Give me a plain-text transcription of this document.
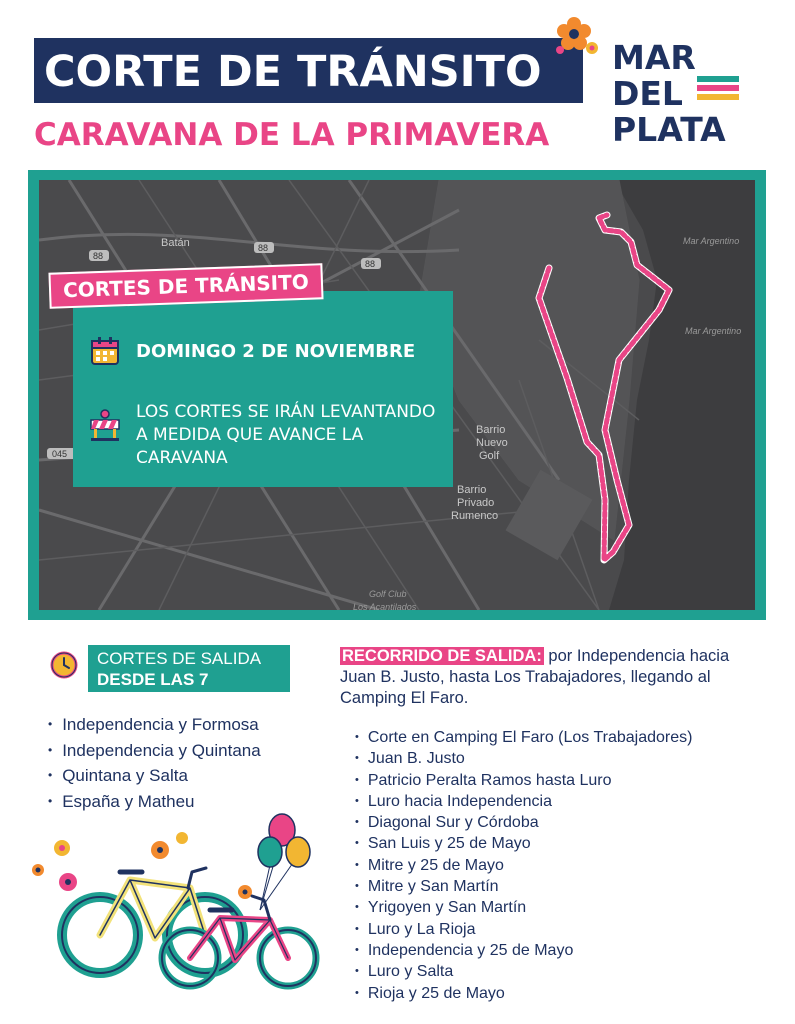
CORTE DE TRÁNSITO
CARAVANA DE LA PRIMAVERA
MAR
DEL
PLATA
88
88
88
045
Batán	Mar Argentino
Mar Argentino
Barrio
Nuevo
Golf
Barrio
Privado
Rumenco
Golf Club
Los Acantilados
CORTES DE TRÁNSITO
DOMINGO 2 DE NOVIEMBRE
LOS CORTES SE IRÁN LEVANTANDO A MEDIDA QUE AVANCE LA CARAVANA
CORTES DE SALIDA
DESDE LAS 7
• Independencia y Formosa
• Independencia y Quintana
• Quintana y Salta
• España y Matheu
RECORRIDO DE SALIDA: por Independencia hacia Juan B. Justo, hasta Los Trabajadores, llegando al Camping El Faro.
• Corte en Camping El Faro (Los Trabajadores)
• Juan B. Justo
• Patricio Peralta Ramos hasta Luro
• Luro hacia Independencia
• Diagonal Sur y Córdoba
• San Luis y 25 de Mayo
• Mitre y 25 de Mayo
• Mitre y San Martín
• Yrigoyen y San Martín
• Luro y La Rioja
• Independencia y 25 de Mayo
• Luro y Salta
• Rioja y 25 de Mayo
